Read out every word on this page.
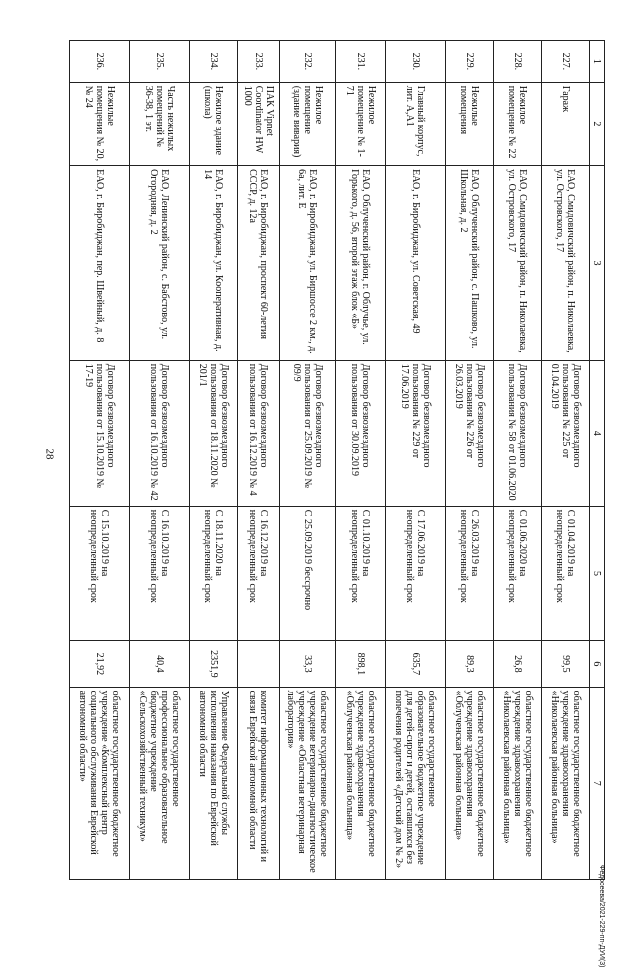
28
1	2	3	4	5	6	7
227.	Гараж	ЕАО, Смидовичский район, п. Николаевка, ул. Островского, 17	Договор безвозмездного пользования № 225 от 01.04.2019	С 01.04.2019 на неопределенный срок	99,5	областное государственное бюджетное учреждение здравоохранения «Николаевская районная больница»
228.	Нежилое помещение № 22	ЕАО, Смидовичский район, п. Николаевка, ул. Островского, 17	Договор безвозмездного пользования № 58 от 01.06.2020	С 01.06.2020 на неопределенный срок	26,8	областное государственное бюджетное учреждение здравоохранения «Николаевская районная больница»
229.	Нежилые помещения	ЕАО, Облученский район, с. Пашково, ул. Школьная, д. 2	Договор безвозмездного пользования № 226 от 26.03.2019	С 26.03.2019 на неопределенный срок	89,3	областное государственное бюджетное учреждение здравоохранения «Облученская районная больница»
230.	Главный корпус, лит. А,А1	ЕАО, г. Биробиджан, ул. Советская, 49	Договор безвозмездного пользования № 229 от 17.06.2019	С 17.06.2019 на неопределенный срок	635,7	областное государственное образовательное бюджетное учреждение для детей-сирот и детей, оставшихся без попечения родителей «Детский дом № 2»
231.	Нежилое помещение № 1-71	ЕАО, Облученский район, г. Облучье, ул. Горького, д. 56, второй этаж блок «Б»	Договор безвозмездного пользования от 30.09.2019	С 01.10.2019 на неопределенный срок	898,1	областное государственное бюджетное учреждение здравоохранения «Облученская районная больница»
232.	Нежилое помещение (здание вивария)	ЕАО, г. Биробиджан, ул. Биршоссе 2 км., д. 6а, лит. Е	Договор безвозмездного пользования от 25.09.2019 № 09/9	С 25.09.2019 бессрочно	33,3	областное государственное бюджетное учреждение ветеринарно-диагностическое учреждение «Областная ветеринарная лаборатория»
233.	ПАК Vipnet Coordinator HW 1000	ЕАО, г. Биробиджан, проспект 60-летия СССР, д. 12а	Договор безвозмездного пользования от 16.12.2019 № 4	С 16.12.2019 на неопределенный срок		комитет информационных технологий и связи Еврейской автономной области
234.	Нежилое здание (школа)	ЕАО, г. Биробиджан, ул. Кооперативная, д. 14	Договор безвозмездного пользования от 18.11.2020 № 201/1	С 18.11.2020 на неопределенный срок	2351,9	Управление Федеральной службы исполнения наказания по Еврейской автономной области
235.	Часть нежилых помещений № 36-38, 1 эт.	ЕАО, Ленинский район, с. Бабстово, ул. Огородняя, д. 2	Договор безвозмездного пользования от 16.10.2019 № 42	С 16.10.2019 на неопределенный срок	40,4	областное государственное профессиональное образовательное бюджетное учреждение «Сельскохозяйственный техникум»
236.	Нежилые помещения № 20, № 24	ЕАО, г. Биробиджан, пер. Швейный, д. 8	Договор безвозмездного пользования от 15.10.2019 № 17-19	С 15.10.2019 на неопределенный срок	21,92	областное государственное бюджетное учреждение «Комплексный центр социального обслуживания Еврейской автономной области»
Федосеева/2021-229-пп-ДУИ(3)
